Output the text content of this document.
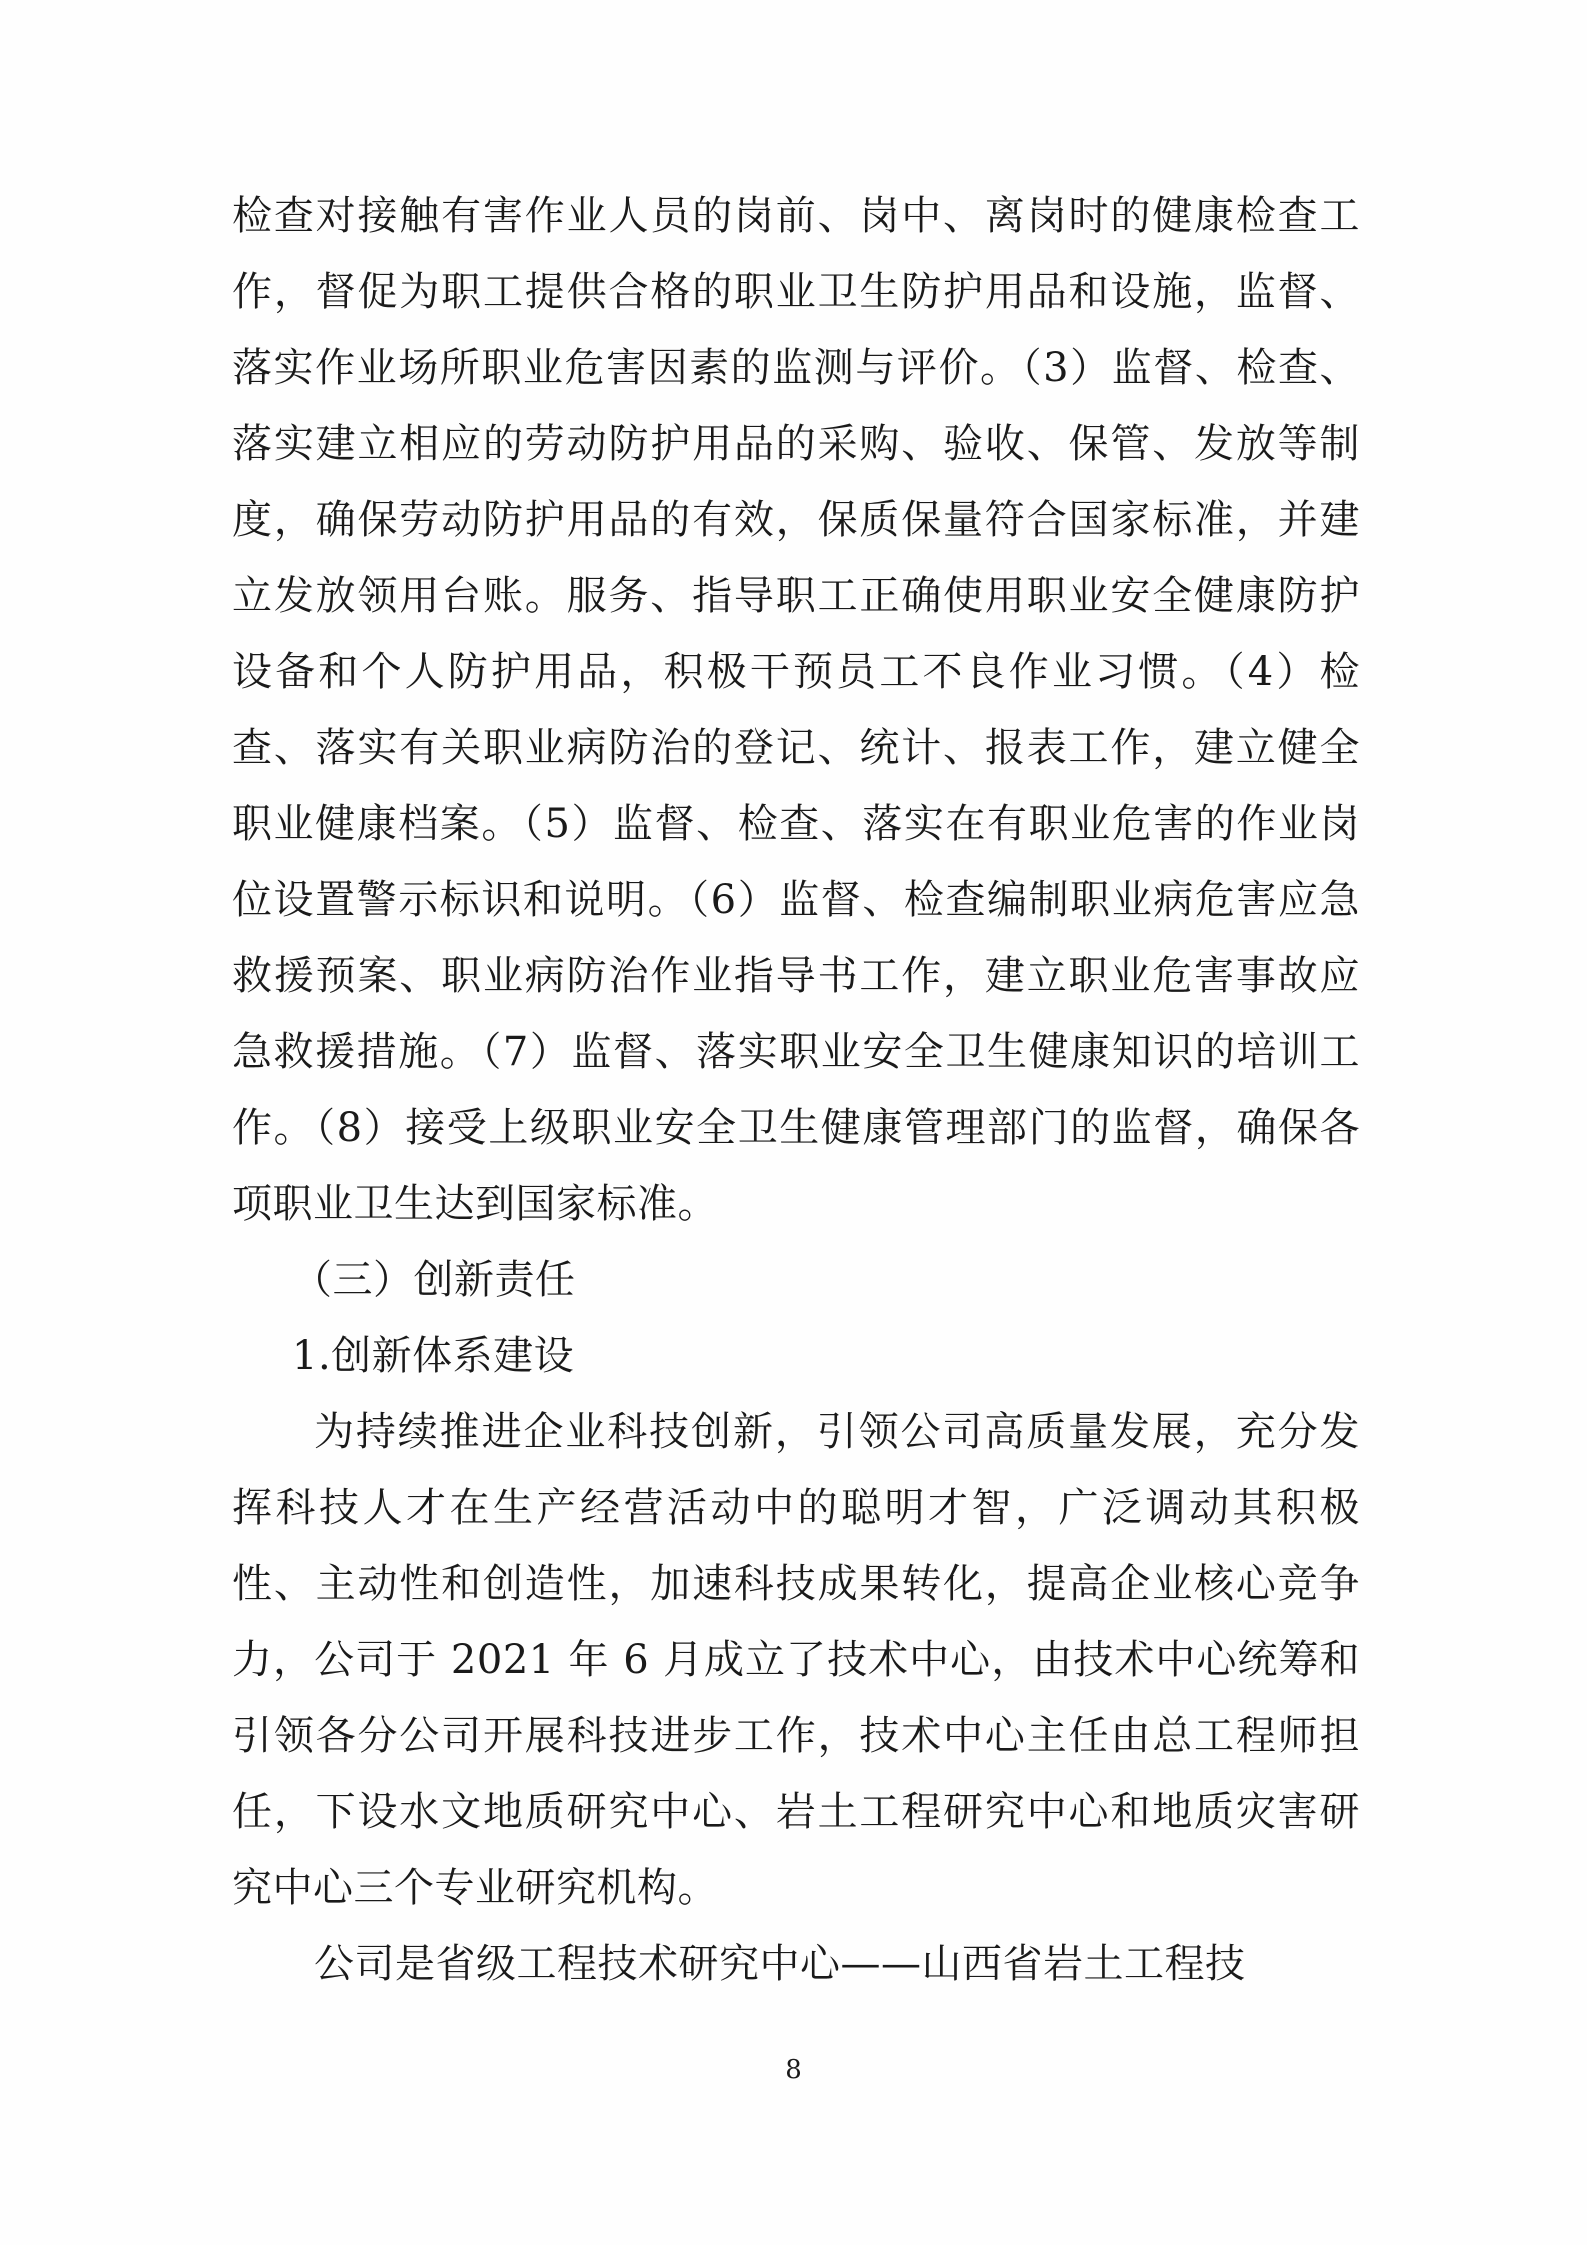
检查对接触有害作业人员的岗前、岗中、离岗时的健康检查工作，督促为职工提供合格的职业卫生防护用品和设施，监督、落实作业场所职业危害因素的监测与评价。（3）监督、检查、落实建立相应的劳动防护用品的采购、验收、保管、发放等制度，确保劳动防护用品的有效，保质保量符合国家标准，并建立发放领用台账。服务、指导职工正确使用职业安全健康防护设备和个人防护用品，积极干预员工不良作业习惯。（4）检查、落实有关职业病防治的登记、统计、报表工作，建立健全职业健康档案。（5）监督、检查、落实在有职业危害的作业岗位设置警示标识和说明。（6）监督、检查编制职业病危害应急救援预案、职业病防治作业指导书工作，建立职业危害事故应急救援措施。（7）监督、落实职业安全卫生健康知识的培训工作。（8）接受上级职业安全卫生健康管理部门的监督，确保各项职业卫生达到国家标准。

（三）创新责任

1.创新体系建设

为持续推进企业科技创新，引领公司高质量发展，充分发挥科技人才在生产经营活动中的聪明才智，广泛调动其积极性、主动性和创造性，加速科技成果转化，提高企业核心竞争力，公司于 2021 年 6 月成立了技术中心，由技术中心统筹和引领各分公司开展科技进步工作，技术中心主任由总工程师担任，下设水文地质研究中心、岩土工程研究中心和地质灾害研究中心三个专业研究机构。

公司是省级工程技术研究中心——山西省岩土工程技

8
